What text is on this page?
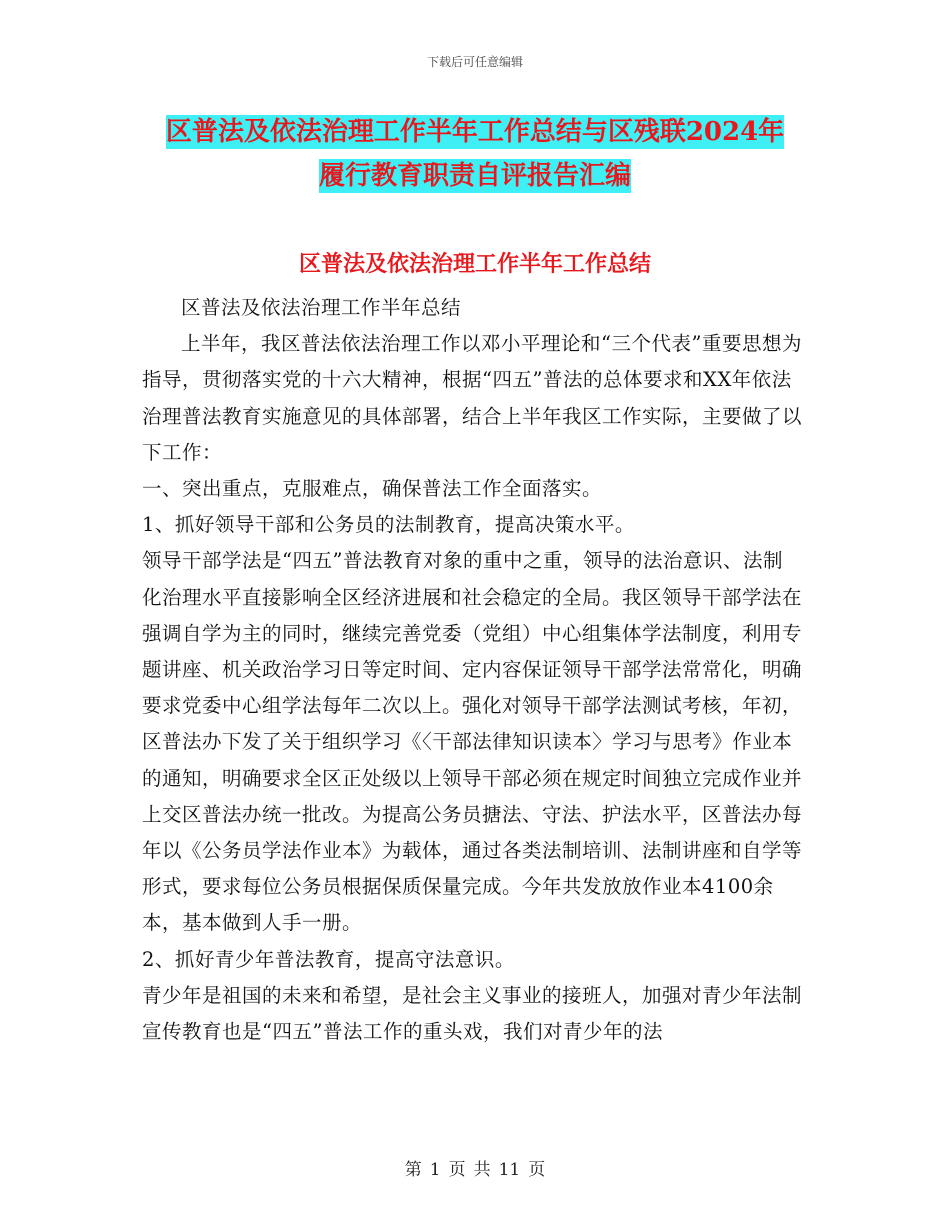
下载后可任意编辑
区普法及依法治理工作半年工作总结与区残联2024年
履行教育职责自评报告汇编
区普法及依法治理工作半年工作总结

区普法及依法治理工作半年总结

上半年，我区普法依法治理工作以邓小平理论和“三个代表”重要思想为指导，贯彻落实党的十六大精神，根据“四五”普法的总体要求和XX年依法治理普法教育实施意见的具体部署，结合上半年我区工作实际，主要做了以下工作：

一、突出重点，克服难点，确保普法工作全面落实。

1、抓好领导干部和公务员的法制教育，提高决策水平。

领导干部学法是“四五”普法教育对象的重中之重，领导的法治意识、法制化治理水平直接影响全区经济进展和社会稳定的全局。我区领导干部学法在强调自学为主的同时，继续完善党委（党组）中心组集体学法制度，利用专题讲座、机关政治学习日等定时间、定内容保证领导干部学法常常化，明确要求党委中心组学法每年二次以上。强化对领导干部学法测试考核，年初，区普法办下发了关于组织学习《〈干部法律知识读本〉学习与思考》作业本的通知，明确要求全区正处级以上领导干部必须在规定时间独立完成作业并上交区普法办统一批改。为提高公务员搪法、守法、护法水平，区普法办每年以《公务员学法作业本》为载体，通过各类法制培训、法制讲座和自学等形式，要求每位公务员根据保质保量完成。今年共发放放作业本4100余本，基本做到人手一册。

2、抓好青少年普法教育，提高守法意识。

青少年是祖国的未来和希望，是社会主义事业的接班人，加强对青少年法制宣传教育也是“四五”普法工作的重头戏，我们对青少年的法

第 1 页 共 11 页
